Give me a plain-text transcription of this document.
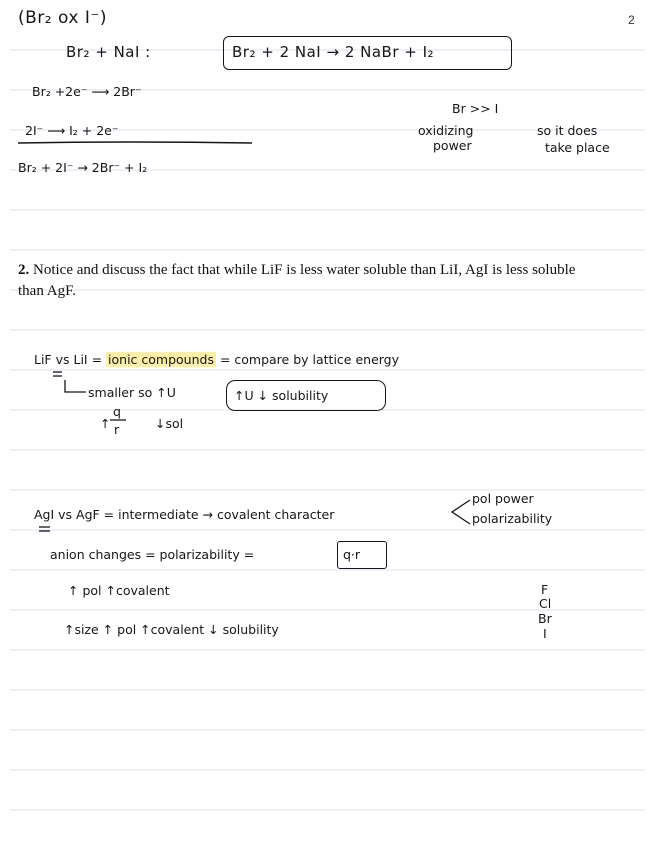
2
(Br₂ ox I⁻)
Br₂ + NaI :	Br₂ + 2 NaI → 2 NaBr + I₂
Br₂ +2e⁻ ⟶ 2Br⁻
2I⁻ ⟶ I₂ + 2e⁻
Br₂ + 2I⁻ → 2Br⁻ + I₂
Br >> I
oxidizing
power
so it does
take place
2. Notice and discuss the fact that while LiF is less water soluble than LiI, AgI is less soluble than AgF.
LiF vs LiI = ionic compounds = compare by lattice energy
smaller so ↑U	↑U ↓ solubility
↑
q
r	↓sol
AgI vs AgF = intermediate → covalent character
pol power
polarizability
anion changes = polarizability =	q·r
↑ pol ↑covalent
↑size ↑ pol ↑covalent ↓ solubility
F
Cl
Br
I
